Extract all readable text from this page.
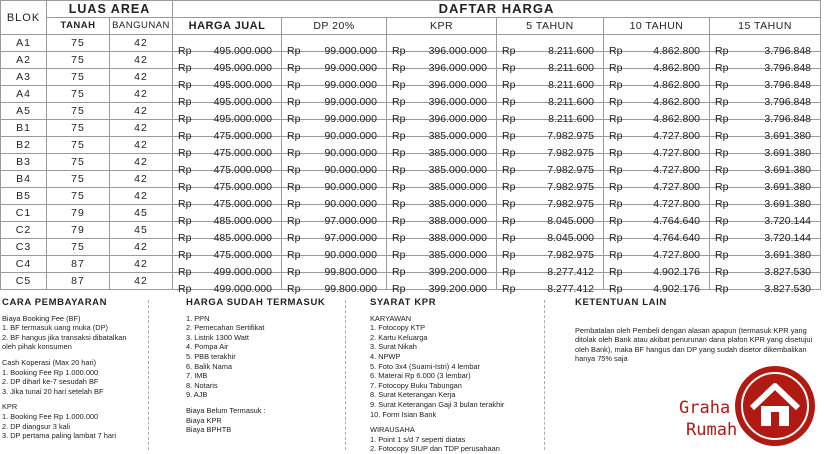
BLOK	LUAS AREA		DAFTAR HARGA					
	TANAH	BANGUNAN	HARGA JUAL	DP 20%	KPR	5 TAHUN	10 TAHUN	15 TAHUN
A1	75	42	Rp 495.000.000	Rp 99.000.000	Rp 396.000.000	Rp 8.211.600	Rp 4.862.800	Rp 3.796.848

A2	75	42	Rp 495.000.000	Rp 99.000.000	Rp 396.000.000	Rp 8.211.600	Rp 4.862.800	Rp 3.796.848

A3	75	42	Rp 495.000.000	Rp 99.000.000	Rp 396.000.000	Rp 8.211.600	Rp 4.862.800	Rp 3.796.848

A4	75	42	Rp 495.000.000	Rp 99.000.000	Rp 396.000.000	Rp 8.211.600	Rp 4.862.800	Rp 3.796.848

A5	75	42	Rp 495.000.000	Rp 99.000.000	Rp 396.000.000	Rp 8.211.600	Rp 4.862.800	Rp 3.796.848

B1	75	42	Rp 475.000.000	Rp 90.000.000	Rp 385.000.000	Rp 7.982.975	Rp 4.727.800	Rp 3.691.380

B2	75	42	Rp 475.000.000	Rp 90.000.000	Rp 385.000.000	Rp 7.982.975	Rp 4.727.800	Rp 3.691.380

B3	75	42	Rp 475.000.000	Rp 90.000.000	Rp 385.000.000	Rp 7.982.975	Rp 4.727.800	Rp 3.691.380

B4	75	42	Rp 475.000.000	Rp 90.000.000	Rp 385.000.000	Rp 7.982.975	Rp 4.727.800	Rp 3.691.380

B5	75	42	Rp 475.000.000	Rp 90.000.000	Rp 385.000.000	Rp 7.982.975	Rp 4.727.800	Rp 3.691.380

C1	79	45	Rp 485.000.000	Rp 97.000.000	Rp 388.000.000	Rp 8.045.000	Rp 4.764.640	Rp 3.720.144

C2	79	45	Rp 485.000.000	Rp 97.000.000	Rp 388.000.000	Rp 8.045.000	Rp 4.764.640	Rp 3.720.144

C3	75	42	Rp 475.000.000	Rp 90.000.000	Rp 385.000.000	Rp 7.982.975	Rp 4.727.800	Rp 3.691.380

C4	87	42	Rp 499.000.000	Rp 99.800.000	Rp 399.200.000	Rp 8.277.412	Rp 4.902.176	Rp 3.827.530

C5	87	42	Rp 499.000.000	Rp 99.800.000	Rp 399.200.000	Rp 8.277.412	Rp 4.902.176	Rp 3.827.530
CARA PEMBAYARAN
Biaya Booking Fee (BF)
1. BF termasuk uang muka (DP)
2. BF hangus jika transaksi dibatalkan
oleh pihak konsumen
Cash Koperasi (Max 20 hari)
1. Booking Fee Rp 1.000.000
2. DP diharl ke-7 sesudah BF
3. Jika tunai 20 hari setelah BF
KPR
1. Booking Fee Rp 1.000.000
2. DP diangsur 3 kali
3. DP pertama paling lambat 7 hari
HARGA SUDAH TERMASUK
1. PPN
2. Pemecahan Sertifikat
3. Listrik 1300 Watt
4. Pompa Air
5. PBB terakhir
6. Balik Nama
7. IMB
8. Notaris
9. AJB
Biaya Belum Termasuk :
Biaya KPR
Biaya BPHTB
SYARAT KPR
KARYAWAN
1. Fotocopy KTP
2. Kartu Keluarga
3. Surat Nikah
4. NPWP
5. Foto 3x4 (Suami-Istri) 4 lembar
6. Materai Rp 6.000 (3 lembar)
7. Fotocopy Buku Tabungan
8. Surat Keterangan Kerja
9. Surat Keterangan Gaji 3 bulan terakhir
10. Form Isian Bank
WIRAUSAHA
1. Point 1 s/d 7 seperti diatas
2. Fotocopy SIUP dan TDP perusahaan
KETENTUAN LAIN
Pembatalan oleh Pembeli dengan alasan apapun (termasuk KPR yang
ditolak oleh Bank atau akibat penurunan dana plafon KPR yang disetujui
oleh Bank), maka BF hangus dan DP yang sudah disetor dikembalikan
hanya 75% saja
Graha
Rumah
